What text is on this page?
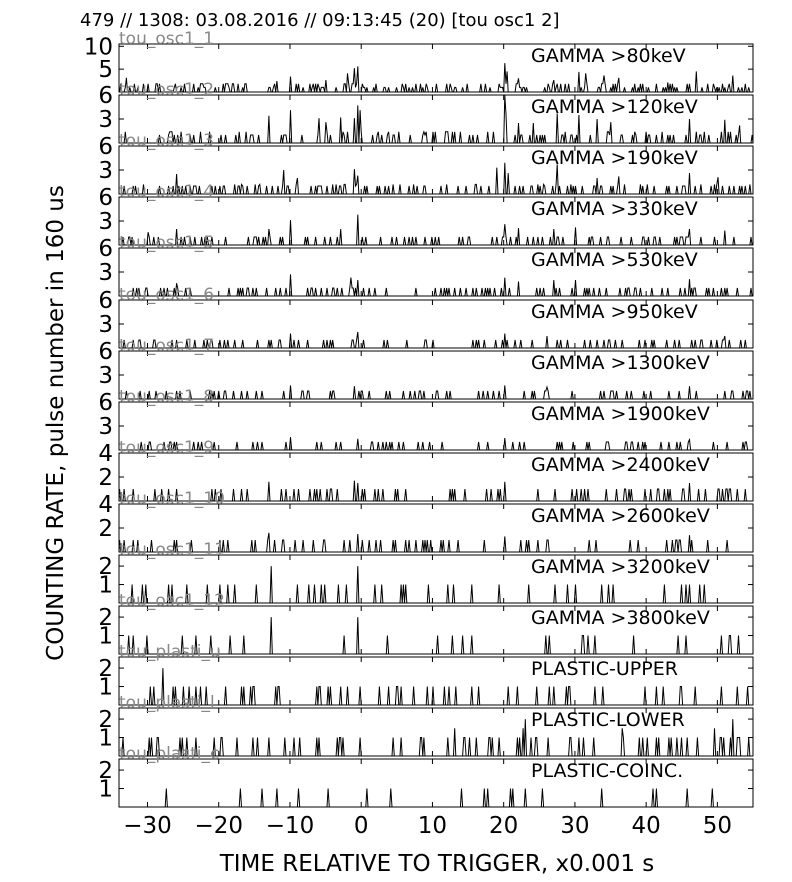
479 // 1308: 03.08.2016 // 09:13:45 (20) [tou osc1 2]
5
10	GAMMA >80keV
tou_osc1_1
3
6	GAMMA >120keV
tou_osc1_2
3
6	GAMMA >190keV
tou_osc1_3
3
6	GAMMA >330keV
tou_osc1_4
3
6	GAMMA >530keV
tou_osc1_5
3
6	GAMMA >950keV
tou_osc1_6
3
6	GAMMA >1300keV
tou_osc1_7
3
6	GAMMA >1900keV
tou_osc1_8
2
4	GAMMA >2400keV
tou_osc1_9
2
4	GAMMA >2600keV
tou_osc1_10
1
2	GAMMA >3200keV
tou_osc1_11
1
2	GAMMA >3800keV
tou_osc1_12
1
2	PLASTIC-UPPER
tou_plasti_u
1
2	PLASTIC-LOWER
tou_plasti_l
1
2	PLASTIC-COINC.
tou_plasti_c
−30 −20 −10 0 10 20 30 40 50
TIME RELATIVE TO TRIGGER, x0.001 s
COUNTING RATE, pulse number in 160 us
